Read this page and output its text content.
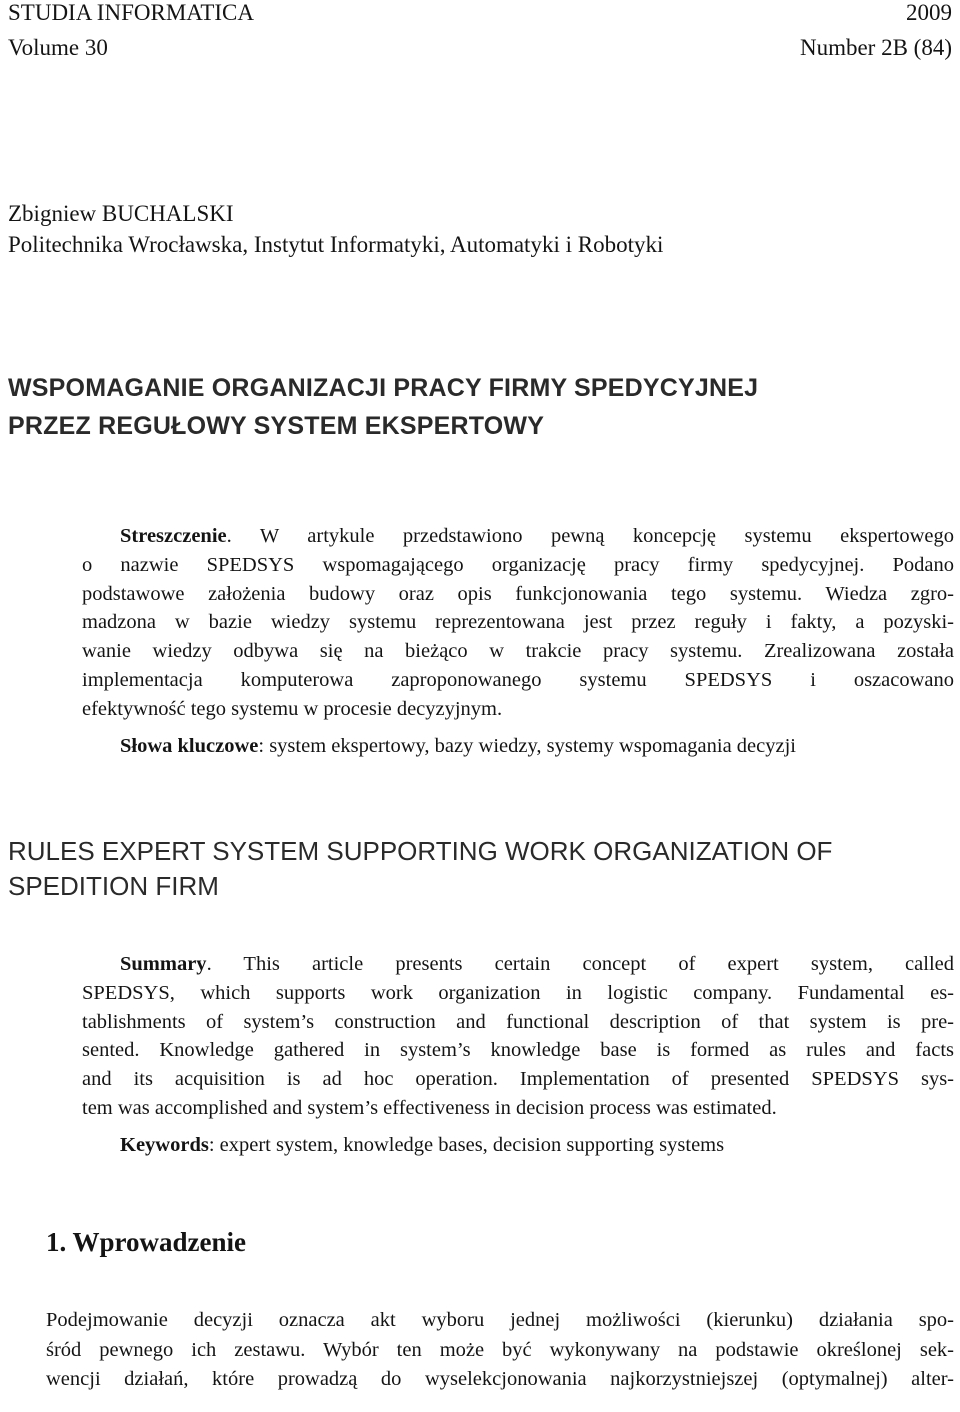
STUDIA INFORMATICA	2009
Volume 30	Number 2B (84)
Zbigniew BUCHALSKI
Politechnika Wrocławska, Instytut Informatyki, Automatyki i Robotyki
WSPOMAGANIE ORGANIZACJI PRACY FIRMY SPEDYCYJNEJ
PRZEZ REGUŁOWY SYSTEM EKSPERTOWY
Streszczenie. W artykule przedstawiono pewną koncepcję systemu ekspertowego
o nazwie SPEDSYS wspomagającego organizację pracy firmy spedycyjnej. Podano
podstawowe założenia budowy oraz opis funkcjonowania tego systemu. Wiedza zgro-
madzona w bazie wiedzy systemu reprezentowana jest przez reguły i fakty, a pozyski-
wanie wiedzy odbywa się na bieżąco w trakcie pracy systemu. Zrealizowana została
implementacja komputerowa zaproponowanego systemu SPEDSYS i oszacowano
efektywność tego systemu w procesie decyzyjnym.
Słowa kluczowe: system ekspertowy, bazy wiedzy, systemy wspomagania decyzji
RULES EXPERT SYSTEM SUPPORTING WORK ORGANIZATION OF
SPEDITION FIRM
Summary. This article presents certain concept of expert system, called
SPEDSYS, which supports work organization in logistic company. Fundamental es-
tablishments of system’s construction and functional description of that system is pre-
sented. Knowledge gathered in system’s knowledge base is formed as rules and facts
and its acquisition is ad hoc operation. Implementation of presented SPEDSYS sys-
tem was accomplished and system’s effectiveness in decision process was estimated.
Keywords: expert system, knowledge bases, decision supporting systems
1. Wprowadzenie
Podejmowanie decyzji oznacza akt wyboru jednej możliwości (kierunku) działania spo-
śród pewnego ich zestawu. Wybór ten może być wykonywany na podstawie określonej sek-
wencji działań, które prowadzą do wyselekcjonowania najkorzystniejszej (optymalnej) alter-
